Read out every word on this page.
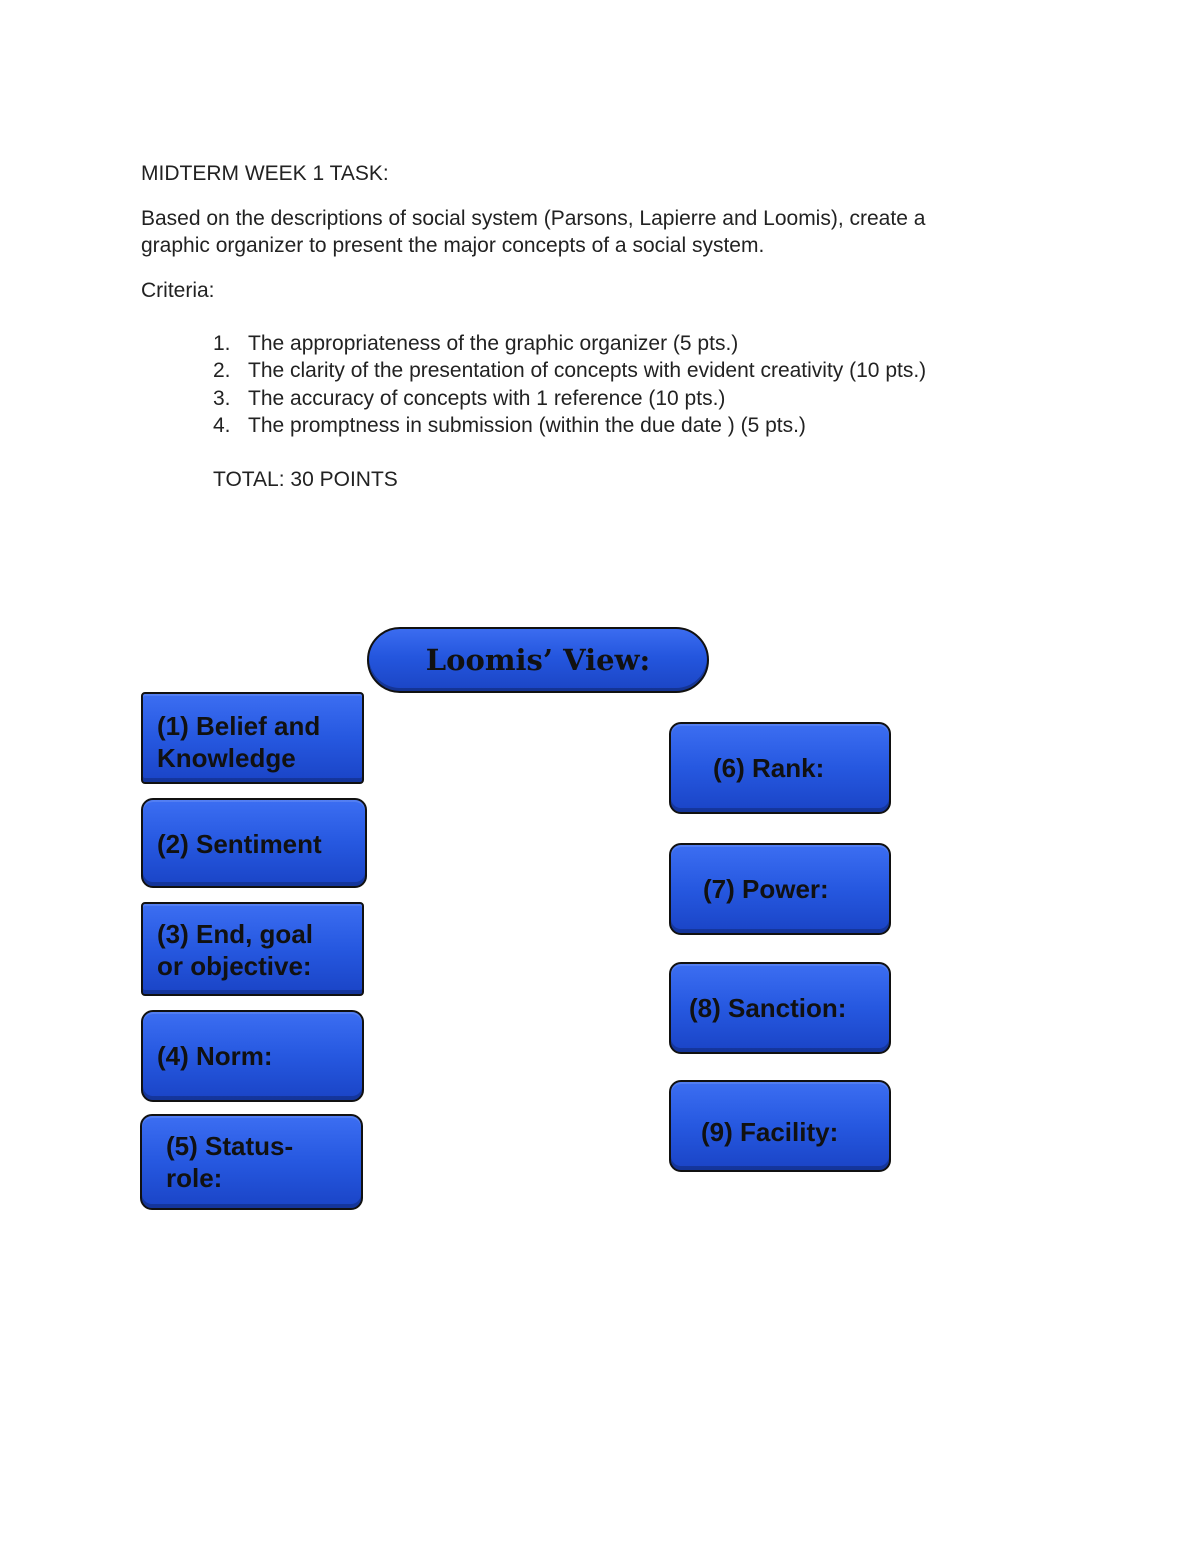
MIDTERM WEEK 1 TASK:
Based on the descriptions of social system (Parsons, Lapierre and Loomis), create a
graphic organizer to present the major concepts of a social system.
Criteria:
1. The appropriateness of the graphic organizer (5 pts.)
2. The clarity of the presentation of concepts with evident creativity (10 pts.)
3. The accuracy of concepts with 1 reference (10 pts.)
4. The promptness in submission (within the due date ) (5 pts.)
TOTAL: 30 POINTS
Loomis’ View:
(1) Belief and
Knowledge
(2) Sentiment
(3) End, goal
or objective:
(4) Norm:
(5) Status-
role:
(6) Rank:
(7) Power:
(8) Sanction:
(9) Facility:
